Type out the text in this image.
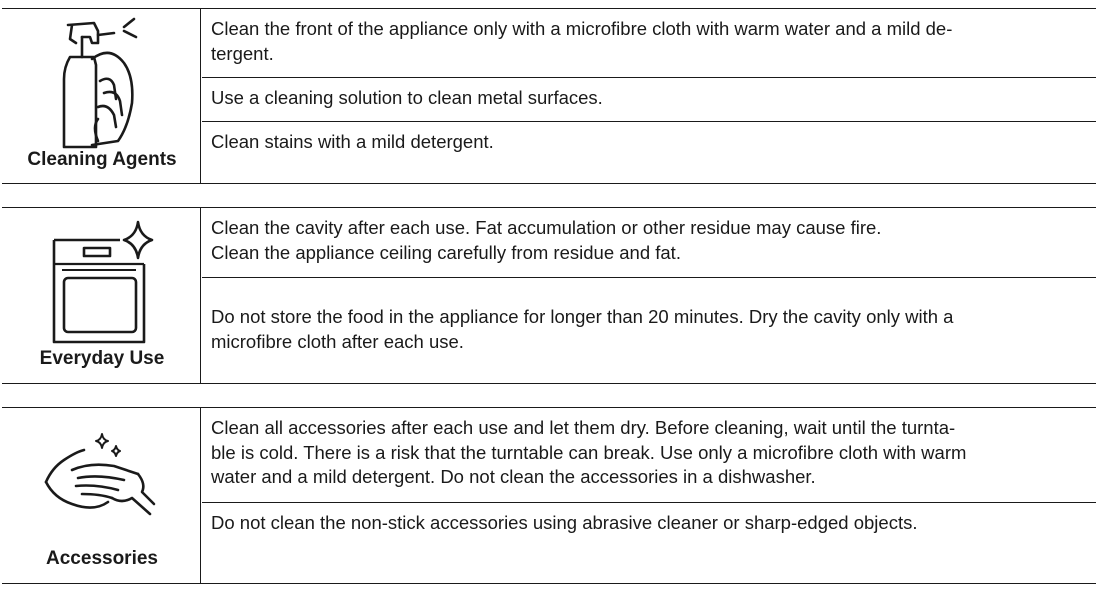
Cleaning Agents
Clean the front of the appliance only with a microfibre cloth with warm water and a mild de-
tergent.
Use a cleaning solution to clean metal surfaces.
Clean stains with a mild detergent.
Everyday Use
Clean the cavity after each use. Fat accumulation or other residue may cause fire.
Clean the appliance ceiling carefully from residue and fat.
Do not store the food in the appliance for longer than 20 minutes. Dry the cavity only with a
microfibre cloth after each use.
Accessories
Clean all accessories after each use and let them dry. Before cleaning, wait until the turnta-
ble is cold. There is a risk that the turntable can break. Use only a microfibre cloth with warm
water and a mild detergent. Do not clean the accessories in a dishwasher.
Do not clean the non-stick accessories using abrasive cleaner or sharp-edged objects.
